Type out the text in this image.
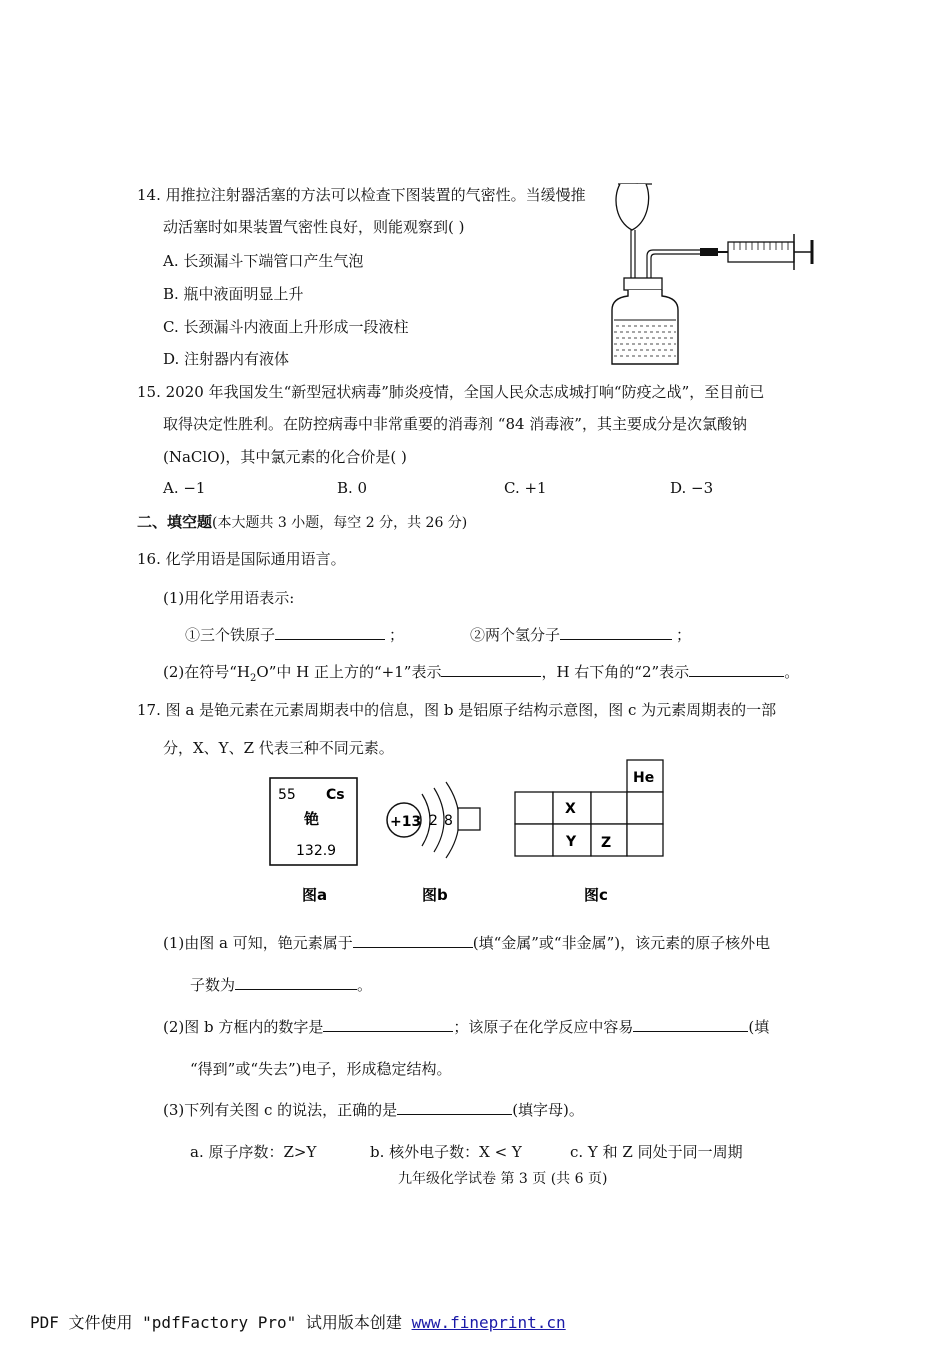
14. 用推拉注射器活塞的方法可以检查下图装置的气密性。当缓慢推
动活塞时如果装置气密性良好，则能观察到( )
A. 长颈漏斗下端管口产生气泡
B. 瓶中液面明显上升
C. 长颈漏斗内液面上升形成一段液柱
D. 注射器内有液体
15. 2020 年我国发生“新型冠状病毒”肺炎疫情，全国人民众志成城打响“防疫之战”，至目前已
取得决定性胜利。在防控病毒中非常重要的消毒剂 “84 消毒液”，其主要成分是次氯酸钠
(NaClO)，其中氯元素的化合价是( )
A. −1	B. 0	C. +1	D. −3
二、填空题(本大题共 3 小题，每空 2 分，共 26 分)
16. 化学用语是国际通用语言。
(1)用化学用语表示:
①三个铁原子	；	②两个氢分子	；
(2)在符号“$H_2O$”中 H 正上方的“+1”表示	，H 右下角的“2”表示	。
17. 图 a 是铯元素在元素周期表中的信息，图 b 是铝原子结构示意图，图 c 为元素周期表的一部
分，X、Y、Z 代表三种不同元素。
55 Cs
铯
132.9
图a
+13 2 8
图b
He
X
Y Z
图c
(1)由图 a 可知，铯元素属于	(填“金属”或“非金属”)，该元素的原子核外电
子数为	。
(2)图 b 方框内的数字是	；该原子在化学反应中容易	(填
“得到”或“失去”)电子，形成稳定结构。
(3)下列有关图 c 的说法，正确的是	(填字母)。
a. 原子序数：Z>Y	b. 核外电子数：X < Y	c. Y 和 Z 同处于同一周期
九年级化学试卷 第 3 页 (共 6 页)
PDF 文件使用 "pdfFactory Pro" 试用版本创建 www.fineprint.cn
